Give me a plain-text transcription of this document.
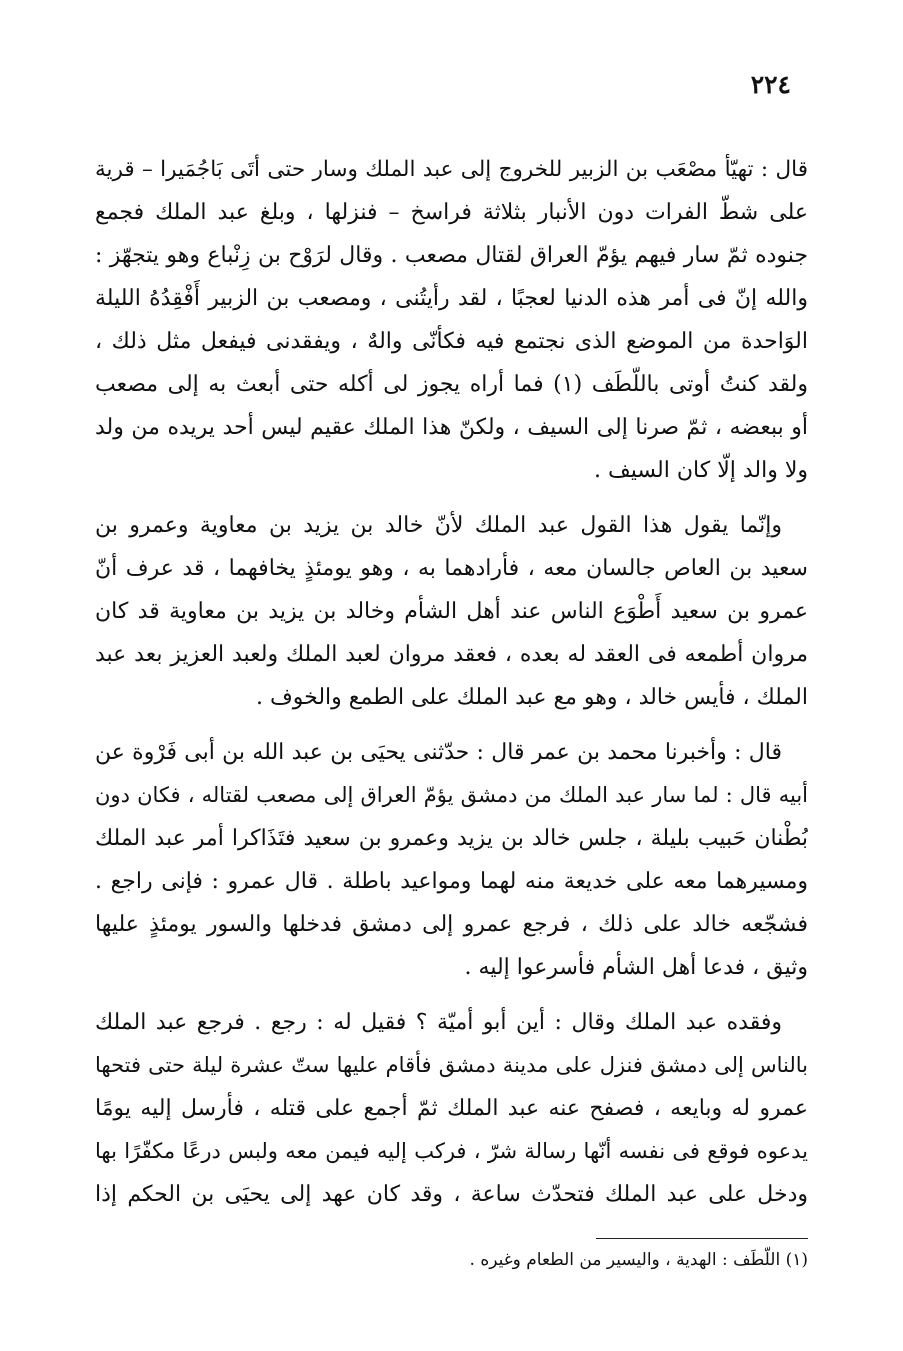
٢٢٤

قال : تهيّأ مصْعَب بن الزبير للخروج إلى عبد الملك وسار حتى أتَى بَاجُمَيرا – قرية
على شطّ الفرات دون الأنبار بثلاثة فراسخ – فنزلها ، وبلغ عبد الملك فجمع
جنوده ثمّ سار فيهم يؤمّ العراق لقتال مصعب . وقال لرَوْح بن زِنْباع وهو يتجهّز :
والله إنّ فى أمر هذه الدنيا لعجبًا ، لقد رأيتُنى ، ومصعب بن الزبير أَفْقِدُهُ الليلة
الوَاحدة من الموضع الذى نجتمع فيه فكأنّى والهٌ ، ويفقدنى فيفعل مثل ذلك ،
ولقد كنتُ أوتى باللّطَف (١) فما أراه يجوز لى أكله حتى أبعث به إلى مصعب
أو ببعضه ، ثمّ صرنا إلى السيف ، ولكنّ هذا الملك عقيم ليس أحد يريده من ولد
ولا والد إلّا كان السيف .

وإنّما يقول هذا القول عبد الملك لأنّ خالد بن يزيد بن معاوية وعمرو بن
سعيد بن العاص جالسان معه ، فأرادهما به ، وهو يومئذٍ يخافهما ، قد عرف أنّ
عمرو بن سعيد أَطْوَع الناس عند أهل الشأم وخالد بن يزيد بن معاوية قد كان
مروان أطمعه فى العقد له بعده ، فعقد مروان لعبد الملك ولعبد العزيز بعد عبد
الملك ، فأيس خالد ، وهو مع عبد الملك على الطمع والخوف .

قال : وأخبرنا محمد بن عمر قال : حدّثنى يحيَى بن عبد الله بن أبى فَرْوة عن
أبيه قال : لما سار عبد الملك من دمشق يؤمّ العراق إلى مصعب لقتاله ، فكان دون
بُطْنان حَبيب بليلة ، جلس خالد بن يزيد وعمرو بن سعيد فتَذَاكرا أمر عبد الملك
ومسيرهما معه على خديعة منه لهما ومواعيد باطلة . قال عمرو : فإنى راجع .
فشجّعه خالد على ذلك ، فرجع عمرو إلى دمشق فدخلها والسور يومئذٍ عليها
وثيق ، فدعا أهل الشأم فأسرعوا إليه .

وفقده عبد الملك وقال : أين أبو أميّة ؟ فقيل له : رجع . فرجع عبد الملك
بالناس إلى دمشق فنزل على مدينة دمشق فأقام عليها ستّ عشرة ليلة حتى فتحها
عمرو له وبايعه ، فصفح عنه عبد الملك ثمّ أجمع على قتله ، فأرسل إليه يومًا
يدعوه فوقع فى نفسه أنّها رسالة شرّ ، فركب إليه فيمن معه ولبس درعًا مكفّرًا بها
ودخل على عبد الملك فتحدّث ساعة ، وقد كان عهد إلى يحيَى بن الحكم إذا

(١) اللّطَف : الهدية ، واليسير من الطعام وغيره .
